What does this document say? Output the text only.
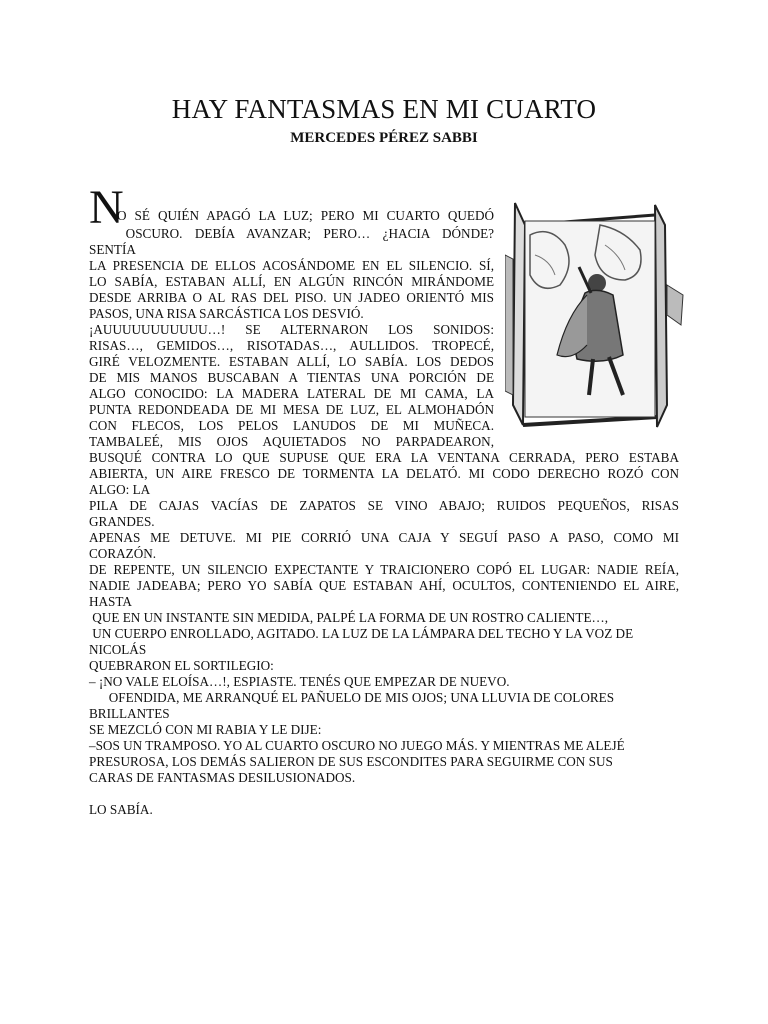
HAY FANTASMAS EN MI CUARTO
MERCEDES PÉREZ SABBI
N
O SÉ QUIÉN APAGÓ LA LUZ; PERO MI CUARTO QUEDÓ
OSCURO. DEBÍA AVANZAR; PERO… ¿HACIA DÓNDE? SENTÍA
LA PRESENCIA DE ELLOS ACOSÁNDOME EN EL SILENCIO. SÍ,
LO SABÍA, ESTABAN ALLÍ, EN ALGÚN RINCÓN MIRÁNDOME
DESDE ARRIBA O AL RAS DEL PISO. UN JADEO ORIENTÓ MIS
PASOS, UNA RISA SARCÁSTICA LOS DESVIÓ.
¡AUUUUUUUUUUU…! SE ALTERNARON LOS SONIDOS:
RISAS…, GEMIDOS…, RISOTADAS…, AULLIDOS. TROPECÉ,
GIRÉ VELOZMENTE. ESTABAN ALLÍ, LO SABÍA. LOS DEDOS
DE MIS MANOS BUSCABAN A TIENTAS UNA PORCIÓN DE
ALGO CONOCIDO: LA MADERA LATERAL DE MI CAMA, LA
PUNTA REDONDEADA DE MI MESA DE LUZ, EL ALMOHADÓN
CON FLECOS, LOS PELOS LANUDOS DE MI MUÑECA.
TAMBALEÉ, MIS OJOS AQUIETADOS NO PARPADEARON,
BUSQUÉ CONTRA LO QUE SUPUSE QUE ERA LA VENTANA CERRADA, PERO ESTABA
ABIERTA, UN AIRE FRESCO DE TORMENTA LA DELATÓ. MI CODO DERECHO ROZÓ CON
ALGO: LA
PILA DE CAJAS VACÍAS DE ZAPATOS SE VINO ABAJO; RUIDOS PEQUEÑOS, RISAS
GRANDES.
APENAS ME DETUVE. MI PIE CORRIÓ UNA CAJA Y SEGUÍ PASO A PASO, COMO MI
CORAZÓN.
DE REPENTE, UN SILENCIO EXPECTANTE Y TRAICIONERO COPÓ EL LUGAR: NADIE REÍA,
NADIE JADEABA; PERO YO SABÍA QUE ESTABAN AHÍ, OCULTOS, CONTENIENDO EL AIRE,
HASTA
QUE EN UN INSTANTE SIN MEDIDA, PALPÉ LA FORMA DE UN ROSTRO CALIENTE…,
UN CUERPO ENROLLADO, AGITADO. LA LUZ DE LA LÁMPARA DEL TECHO Y LA VOZ DE
NICOLÁS
QUEBRARON EL SORTILEGIO:
– ¡NO VALE ELOÍSA…!, ESPIASTE. TENÉS QUE EMPEZAR DE NUEVO.
OFENDIDA, ME ARRANQUÉ EL PAÑUELO DE MIS OJOS; UNA LLUVIA DE COLORES
BRILLANTES
SE MEZCLÓ CON MI RABIA Y LE DIJE:
–SOS UN TRAMPOSO. YO AL CUARTO OSCURO NO JUEGO MÁS. Y MIENTRAS ME ALEJÉ
PRESUROSA, LOS DEMÁS SALIERON DE SUS ESCONDITES PARA SEGUIRME CON SUS
CARAS DE FANTASMAS DESILUSIONADOS.
LO SABÍA.
